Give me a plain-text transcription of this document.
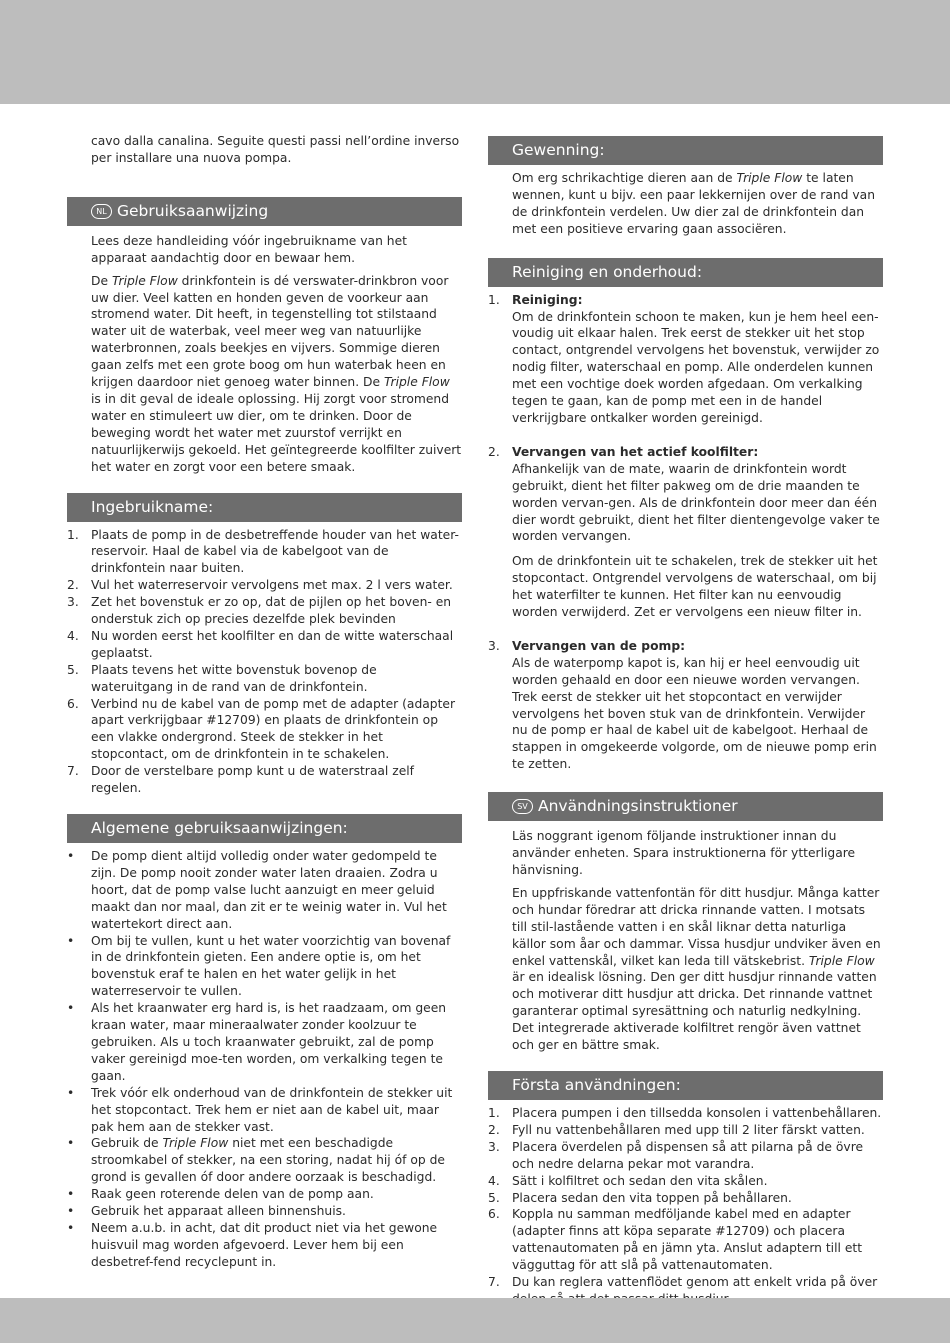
cavo dalla canalina. Seguite questi passi nell’ordine inverso per installare una nuova pompa.

NL Gebruiksaanwijzing

Lees deze handleiding vóór ingebruikname van het apparaat aandachtig door en bewaar hem.

De Triple Flow drinkfontein is dé verswater-drinkbron voor uw dier. Veel katten en honden geven de voorkeur aan stromend water. Dit heeft, in tegenstelling tot stilstaand water uit de waterbak, veel meer weg van natuurlijke waterbronnen, zoals beekjes en vijvers. Sommige dieren gaan zelfs met een grote boog om hun waterbak heen en krijgen daardoor niet genoeg water binnen. De Triple Flow is in dit geval de ideale oplossing. Hij zorgt voor stromend water en stimuleert uw dier, om te drinken. Door de beweging wordt het water met zuurstof verrijkt en natuurlijkerwijs gekoeld. Het geïntegreerde koolfilter zuivert het water en zorgt voor een betere smaak.

Ingebruikname:
1. Plaats de pomp in de desbetreffende houder van het water-reservoir. Haal de kabel via de kabelgoot van de drinkfontein naar buiten.
2. Vul het waterreservoir vervolgens met max. 2 l vers water.
3. Zet het bovenstuk er zo op, dat de pijlen op het boven- en onderstuk zich op precies dezelfde plek bevinden
4. Nu worden eerst het koolfilter en dan de witte waterschaal geplaatst.
5. Plaats tevens het witte bovenstuk bovenop de wateruitgang in de rand van de drinkfontein.
6. Verbind nu de kabel van de pomp met de adapter (adapter apart verkrijgbaar #12709) en plaats de drinkfontein op een vlakke ondergrond. Steek de stekker in het stopcontact, om de drinkfontein in te schakelen.
7. Door de verstelbare pomp kunt u de waterstraal zelf regelen.
Algemene gebruiksaanwijzingen:
•	De pomp dient altijd volledig onder water gedompeld te zijn. De pomp nooit zonder water laten draaien. Zodra u hoort, dat de pomp valse lucht aanzuigt en meer geluid maakt dan nor maal, dan zit er te weinig water in. Vul het watertekort direct aan.
•	Om bij te vullen, kunt u het water voorzichtig van bovenaf in de drinkfontein gieten. Een andere optie is, om het bovenstuk eraf te halen en het water gelijk in het waterreservoir te vullen.
•	Als het kraanwater erg hard is, is het raadzaam, om geen kraan water, maar mineraalwater zonder koolzuur te gebruiken. Als u toch kraanwater gebruikt, zal de pomp vaker gereinigd moe-ten worden, om verkalking tegen te gaan.
•	Trek vóór elk onderhoud van de drinkfontein de stekker uit het stopcontact. Trek hem er niet aan de kabel uit, maar pak hem aan de stekker vast.
•	Gebruik de Triple Flow niet met een beschadigde stroomkabel of stekker, na een storing, nadat hij óf op de grond is gevallen óf door andere oorzaak is beschadigd.
•	Raak geen roterende delen van de pomp aan.
•	Gebruik het apparaat alleen binnenshuis.
•	Neem a.u.b. in acht, dat dit product niet via het gewone huisvuil mag worden afgevoerd. Lever hem bij een desbetref-fend recyclepunt in.
Gewenning:

Om erg schrikachtige dieren aan de Triple Flow te laten wennen, kunt u bijv. een paar lekkernijen over de rand van de drinkfontein verdelen. Uw dier zal de drinkfontein dan met een positieve ervaring gaan associëren.

Reiniging en onderhoud:
1. Reiniging:
Om de drinkfontein schoon te maken, kun je hem heel een-voudig uit elkaar halen. Trek eerst de stekker uit het stop contact, ontgrendel vervolgens het bovenstuk, verwijder zo nodig filter, waterschaal en pomp. Alle onderdelen kunnen met een vochtige doek worden afgedaan. Om verkalking tegen te gaan, kan de pomp met een in de handel verkrijgbare ontkalker worden gereinigd.
2. Vervangen van het actief koolfilter:
Afhankelijk van de mate, waarin de drinkfontein wordt gebruikt, dient het filter pakweg om de drie maanden te worden vervan-gen. Als de drinkfontein door meer dan één dier wordt gebruikt, dient het filter dientengevolge vaker te worden vervangen.
Om de drinkfontein uit te schakelen, trek de stekker uit het stopcontact. Ontgrendel vervolgens de waterschaal, om bij het waterfilter te kunnen. Het filter kan nu eenvoudig worden verwijderd. Zet er vervolgens een nieuw filter in.
3. Vervangen van de pomp:
Als de waterpomp kapot is, kan hij er heel eenvoudig uit worden gehaald en door een nieuwe worden vervangen. Trek eerst de stekker uit het stopcontact en verwijder vervolgens het boven stuk van de drinkfontein. Verwijder nu de pomp er haal de kabel uit de kabelgoot. Herhaal de stappen in omgekeerde volgorde, om de nieuwe pomp erin te zetten.
SV Användningsinstruktioner

Läs noggrant igenom följande instruktioner innan du använder enheten. Spara instruktionerna för ytterligare hänvisning.

En uppfriskande vattenfontän för ditt husdjur. Många katter och hundar föredrar att dricka rinnande vatten. I motsats till stil-lastående vatten i en skål liknar detta naturliga källor som åar och dammar. Vissa husdjur undviker även en enkel vattenskål, vilket kan leda till vätskebrist. Triple Flow är en idealisk lösning. Den ger ditt husdjur rinnande vatten och motiverar ditt husdjur att dricka. Det rinnande vattnet garanterar optimal syresättning och naturlig nedkylning. Det integrerade aktiverade kolfiltret rengör även vattnet och ger en bättre smak.

Första användningen:
1. Placera pumpen i den tillsedda konsolen i vattenbehållaren.
2. Fyll nu vattenbehållaren med upp till 2 liter färskt vatten.
3. Placera överdelen på dispensen så att pilarna på de övre och nedre delarna pekar mot varandra.
4. Sätt i kolfiltret och sedan den vita skålen.
5. Placera sedan den vita toppen på behållaren.
6. Koppla nu samman medföljande kabel med en adapter (adapter finns att köpa separate #12709) och placera vattenautomaten på en jämn yta. Anslut adaptern till ett vägguttag för att slå på vattenautomaten.
7. Du kan reglera vattenflödet genom att enkelt vrida på över
